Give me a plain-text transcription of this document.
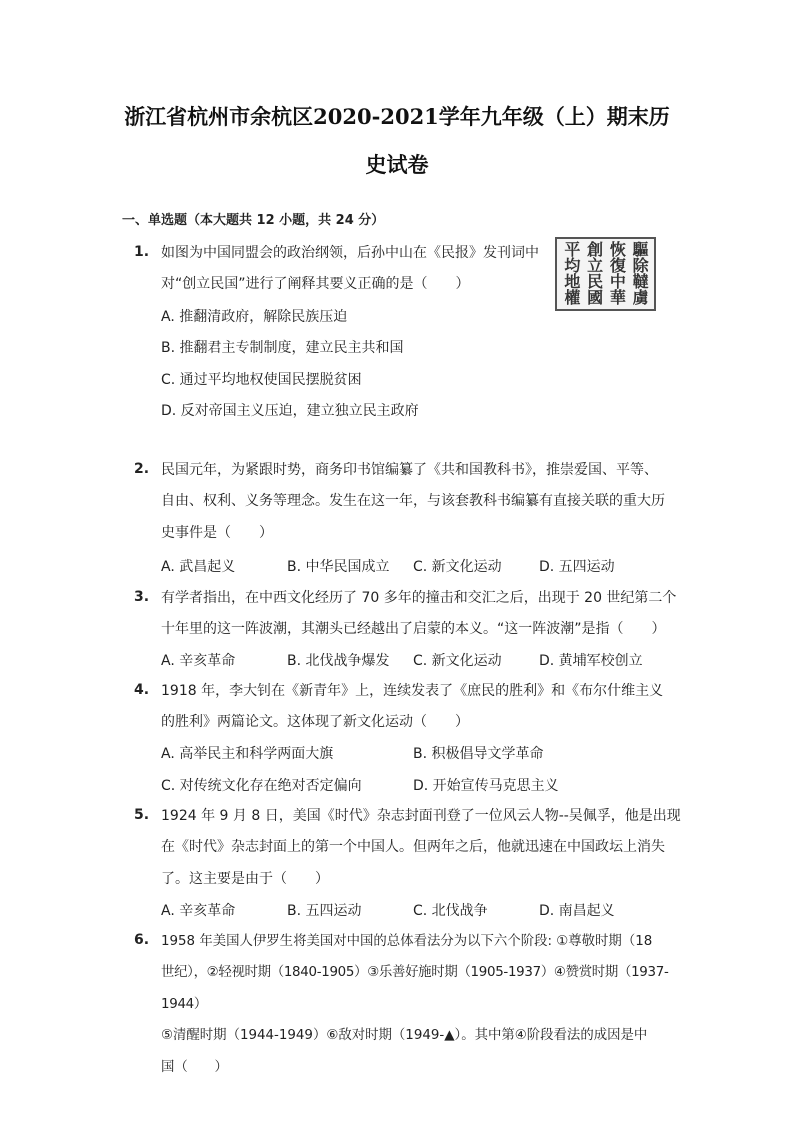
浙江省杭州市余杭区2020-2021学年九年级（上）期末历
史试卷
一、单选题（本大题共 12 小题，共 24 分）
1. 如图为中国同盟会的政治纲领，后孙中山在《民报》发刊词中
对“创立民国”进行了阐释其要义正确的是（　　）	驅除韃虜
恢復中華
創立民國
平均地權
A. 推翻清政府，解除民族压迫
B. 推翻君主专制制度，建立民主共和国
C. 通过平均地权使国民摆脱贫困
D. 反对帝国主义压迫，建立独立民主政府
2. 民国元年，为紧跟时势，商务印书馆编纂了《共和国教科书》，推崇爱国、平等、
自由、权利、义务等理念。发生在这一年，与该套教科书编纂有直接关联的重大历
史事件是（　　）
A. 武昌起义	B. 中华民国成立 C. 新文化运动	D. 五四运动
3. 有学者指出，在中西文化经历了 70 多年的撞击和交汇之后，出现于 20 世纪第二个
十年里的这一阵波潮，其潮头已经越出了启蒙的本义。“这一阵波潮”是指（　　）
A. 辛亥革命	B. 北伐战争爆发 C. 新文化运动	D. 黄埔军校创立
4. 1918 年，李大钊在《新青年》上，连续发表了《庶民的胜利》和《布尔什维主义
的胜利》两篇论文。这体现了新文化运动（　　）
A. 高举民主和科学两面大旗	B. 积极倡导文学革命
C. 对传统文化存在绝对否定偏向	D. 开始宣传马克思主义
5. 1924 年 9 月 8 日，美国《时代》杂志封面刊登了一位风云人物--吴佩孚，他是出现
在《时代》杂志封面上的第一个中国人。但两年之后，他就迅速在中国政坛上消失
了。这主要是由于（　　）
A. 辛亥革命	B. 五四运动	C. 北伐战争	D. 南昌起义
6. 1958 年美国人伊罗生将美国对中国的总体看法分为以下六个阶段: ①尊敬时期（18
世纪），②轻视时期（1840-1905）③乐善好施时期（1905-1937）④赞赏时期（1937-1944）
⑤清醒时期（1944-1949）⑥敌对时期（1949-▲）。其中第④阶段看法的成因是中
国（　　）
